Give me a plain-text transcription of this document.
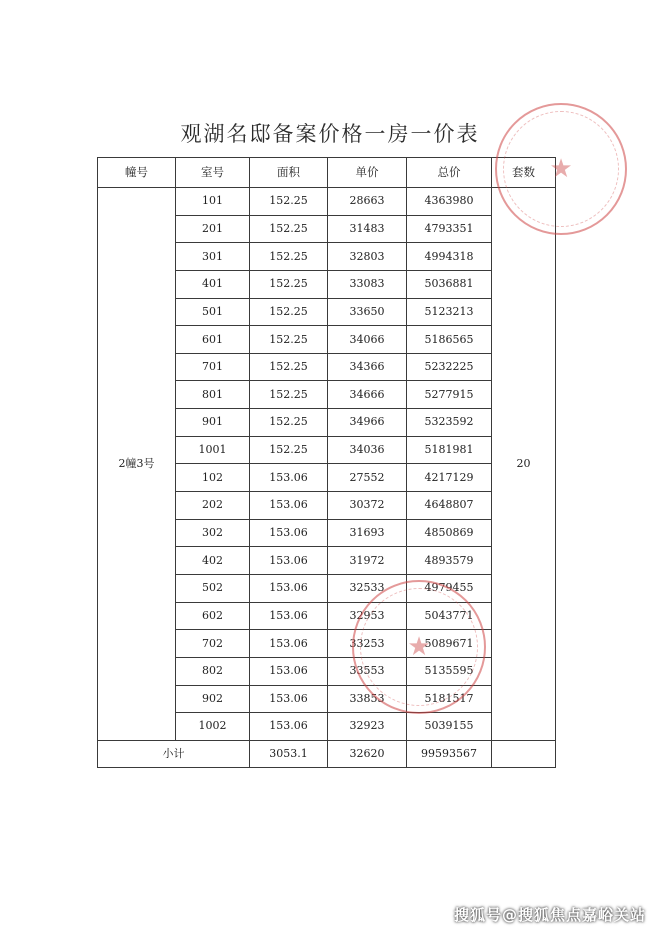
观湖名邸备案价格一房一价表
幢号	室号	面积	单价	总价	套数
2幢3号	101	152.25	28663	4363980	20
	201	152.25	31483	4793351	
	301	152.25	32803	4994318	
	401	152.25	33083	5036881	
	501	152.25	33650	5123213	
	601	152.25	34066	5186565	
	701	152.25	34366	5232225	
	801	152.25	34666	5277915	
	901	152.25	34966	5323592	
	1001	152.25	34036	5181981	
	102	153.06	27552	4217129	
	202	153.06	30372	4648807	
	302	153.06	31693	4850869	
	402	153.06	31972	4893579	
	502	153.06	32533	4979455	
	602	153.06	32953	5043771	
	702	153.06	33253	5089671	
	802	153.06	33553	5135595	
	902	153.06	33853	5181517	
	1002	153.06	32923	5039155	
小计		3053.1	32620	99593567	
★
★
搜狐号@搜狐焦点嘉峪关站
